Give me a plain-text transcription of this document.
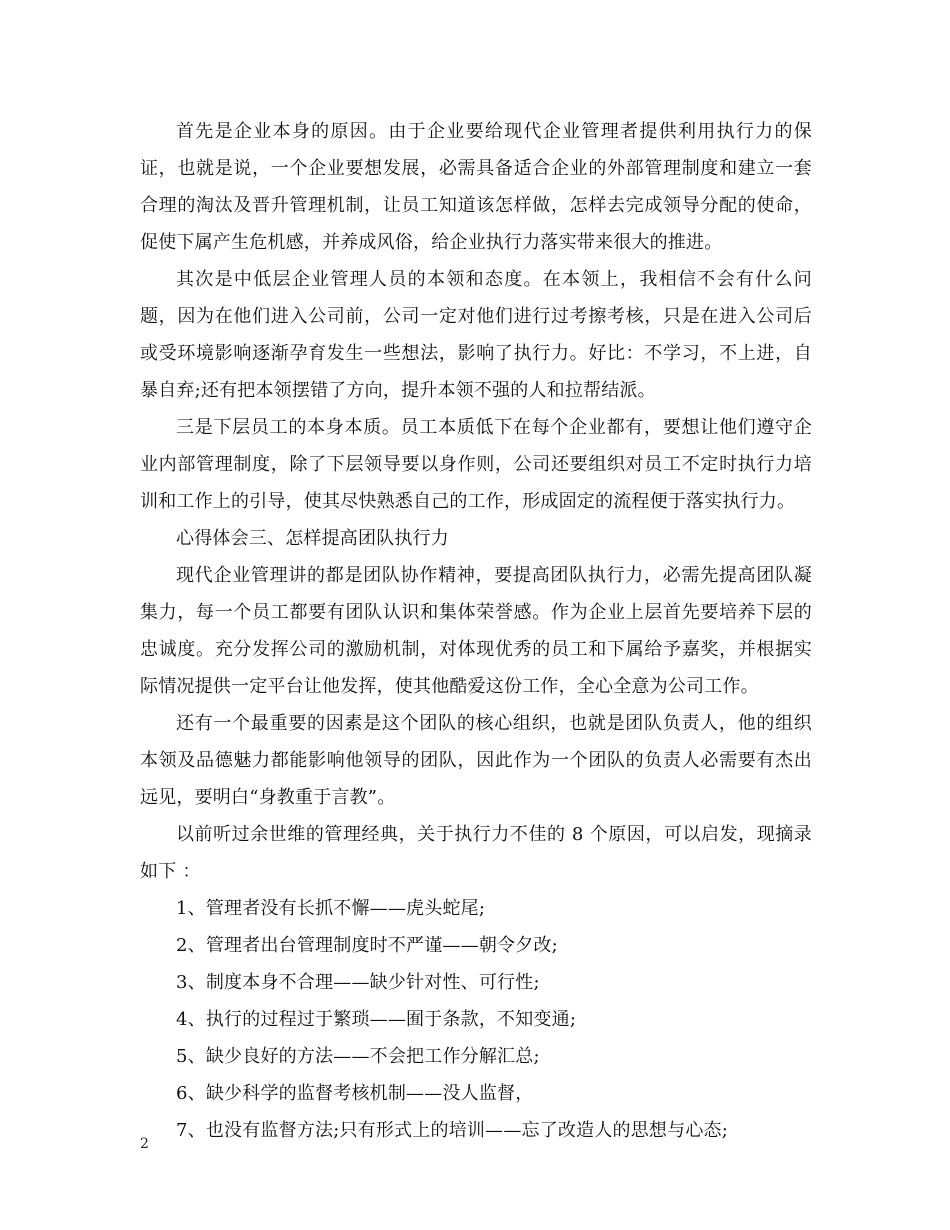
首先是企业本身的原因。由于企业要给现代企业管理者提供利用执行力的保证，也就是说，一个企业要想发展，必需具备适合企业的外部管理制度和建立一套合理的淘汰及晋升管理机制，让员工知道该怎样做，怎样去完成领导分配的使命，促使下属产生危机感，并养成风俗，给企业执行力落实带来很大的推进。

其次是中低层企业管理人员的本领和态度。在本领上，我相信不会有什么问题，因为在他们进入公司前，公司一定对他们进行过考擦考核，只是在进入公司后或受环境影响逐渐孕育发生一些想法，影响了执行力。好比：不学习，不上进，自暴自弃;还有把本领摆错了方向，提升本领不强的人和拉帮结派。

三是下层员工的本身本质。员工本质低下在每个企业都有，要想让他们遵守企业内部管理制度，除了下层领导要以身作则，公司还要组织对员工不定时执行力培训和工作上的引导，使其尽快熟悉自己的工作，形成固定的流程便于落实执行力。

心得体会三、怎样提高团队执行力

现代企业管理讲的都是团队协作精神，要提高团队执行力，必需先提高团队凝集力，每一个员工都要有团队认识和集体荣誉感。作为企业上层首先要培养下层的忠诚度。充分发挥公司的激励机制，对体现优秀的员工和下属给予嘉奖，并根据实际情况提供一定平台让他发挥，使其他酷爱这份工作，全心全意为公司工作。

还有一个最重要的因素是这个团队的核心组织，也就是团队负责人，他的组织本领及品德魅力都能影响他领导的团队，因此作为一个团队的负责人必需要有杰出远见，要明白“身教重于言教”。

以前听过余世维的管理经典，关于执行力不佳的 8 个原因，可以启发，现摘录如下 ：

1、管理者没有长抓不懈——虎头蛇尾;

2、管理者出台管理制度时不严谨——朝令夕改;

3、制度本身不合理——缺少针对性、可行性;

4、执行的过程过于繁琐——囿于条款，不知变通;

5、缺少良好的方法——不会把工作分解汇总;

6、缺少科学的监督考核机制——没人监督，

7、也没有监督方法;只有形式上的培训——忘了改造人的思想与心态;

2
